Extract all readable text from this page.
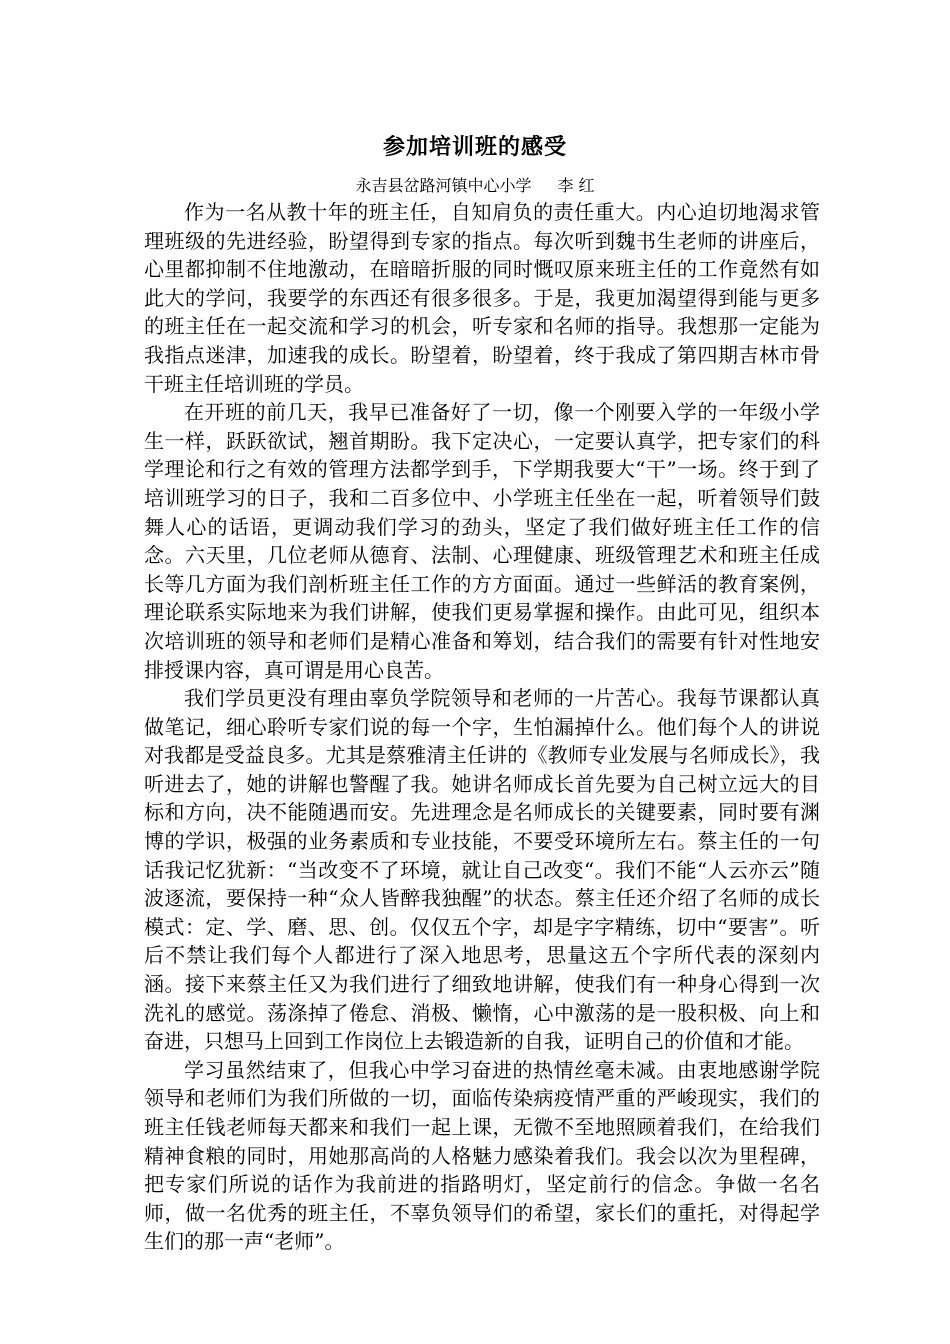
参加培训班的感受
永吉县岔路河镇中心小学 李 红

作为一名从教十年的班主任，自知肩负的责任重大。内心迫切地渴求管理班级的先进经验，盼望得到专家的指点。每次听到魏书生老师的讲座后，心里都抑制不住地激动，在暗暗折服的同时慨叹原来班主任的工作竟然有如此大的学问，我要学的东西还有很多很多。于是，我更加渴望得到能与更多的班主任在一起交流和学习的机会，听专家和名师的指导。我想那一定能为我指点迷津，加速我的成长。盼望着，盼望着，终于我成了第四期吉林市骨干班主任培训班的学员。

在开班的前几天，我早已准备好了一切，像一个刚要入学的一年级小学生一样，跃跃欲试，翘首期盼。我下定决心，一定要认真学，把专家们的科学理论和行之有效的管理方法都学到手，下学期我要大“干”一场。终于到了培训班学习的日子，我和二百多位中、小学班主任坐在一起，听着领导们鼓舞人心的话语，更调动我们学习的劲头，坚定了我们做好班主任工作的信念。六天里，几位老师从德育、法制、心理健康、班级管理艺术和班主任成长等几方面为我们剖析班主任工作的方方面面。通过一些鲜活的教育案例，理论联系实际地来为我们讲解，使我们更易掌握和操作。由此可见，组织本次培训班的领导和老师们是精心准备和筹划，结合我们的需要有针对性地安排授课内容，真可谓是用心良苦。

我们学员更没有理由辜负学院领导和老师的一片苦心。我每节课都认真做笔记，细心聆听专家们说的每一个字，生怕漏掉什么。他们每个人的讲说对我都是受益良多。尤其是蔡雅清主任讲的《教师专业发展与名师成长》，我听进去了，她的讲解也警醒了我。她讲名师成长首先要为自己树立远大的目标和方向，决不能随遇而安。先进理念是名师成长的关键要素，同时要有渊博的学识，极强的业务素质和专业技能，不要受环境所左右。蔡主任的一句话我记忆犹新：“当改变不了环境，就让自己改变“。我们不能“人云亦云”随波逐流，要保持一种“众人皆醉我独醒”的状态。蔡主任还介绍了名师的成长模式：定、学、磨、思、创。仅仅五个字，却是字字精练，切中“要害”。听后不禁让我们每个人都进行了深入地思考，思量这五个字所代表的深刻内涵。接下来蔡主任又为我们进行了细致地讲解，使我们有一种身心得到一次洗礼的感觉。荡涤掉了倦怠、消极、懒惰，心中激荡的是一股积极、向上和奋进，只想马上回到工作岗位上去锻造新的自我，证明自己的价值和才能。

学习虽然结束了，但我心中学习奋进的热情丝毫未减。由衷地感谢学院领导和老师们为我们所做的一切，面临传染病疫情严重的严峻现实，我们的班主任钱老师每天都来和我们一起上课，无微不至地照顾着我们，在给我们精神食粮的同时，用她那高尚的人格魅力感染着我们。我会以次为里程碑，把专家们所说的话作为我前进的指路明灯，坚定前行的信念。争做一名名师，做一名优秀的班主任，不辜负领导们的希望，家长们的重托，对得起学生们的那一声“老师”。
